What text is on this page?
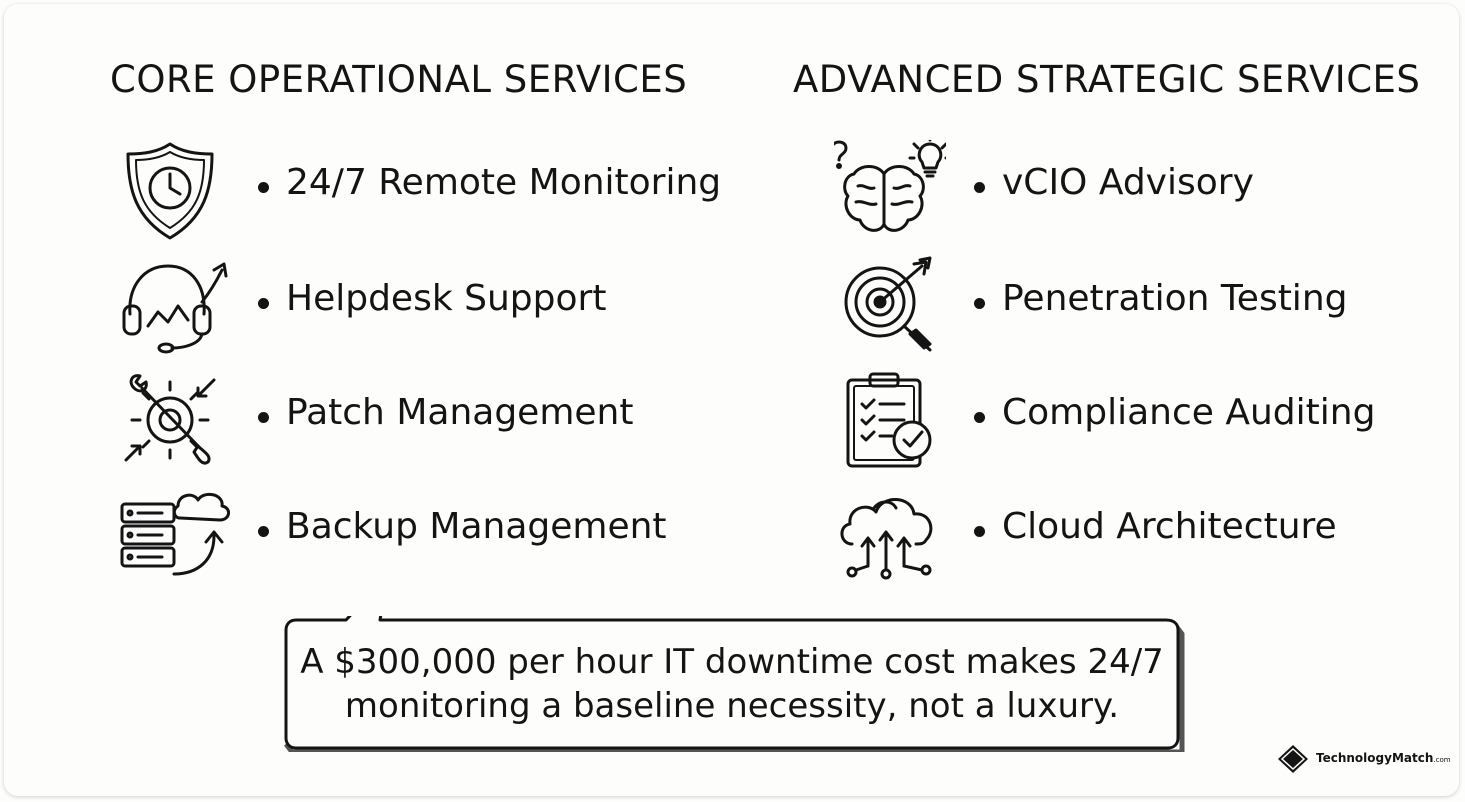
CORE OPERATIONAL SERVICES	ADVANCED STRATEGIC SERVICES
24/7 Remote Monitoring
Helpdesk Support
Patch Management
Backup Management
vCIO Advisory
Penetration Testing
Compliance Auditing
Cloud Architecture
A $300,000 per hour IT downtime cost makes 24/7
monitoring a baseline necessity, not a luxury.
TechnologyMatch.com
